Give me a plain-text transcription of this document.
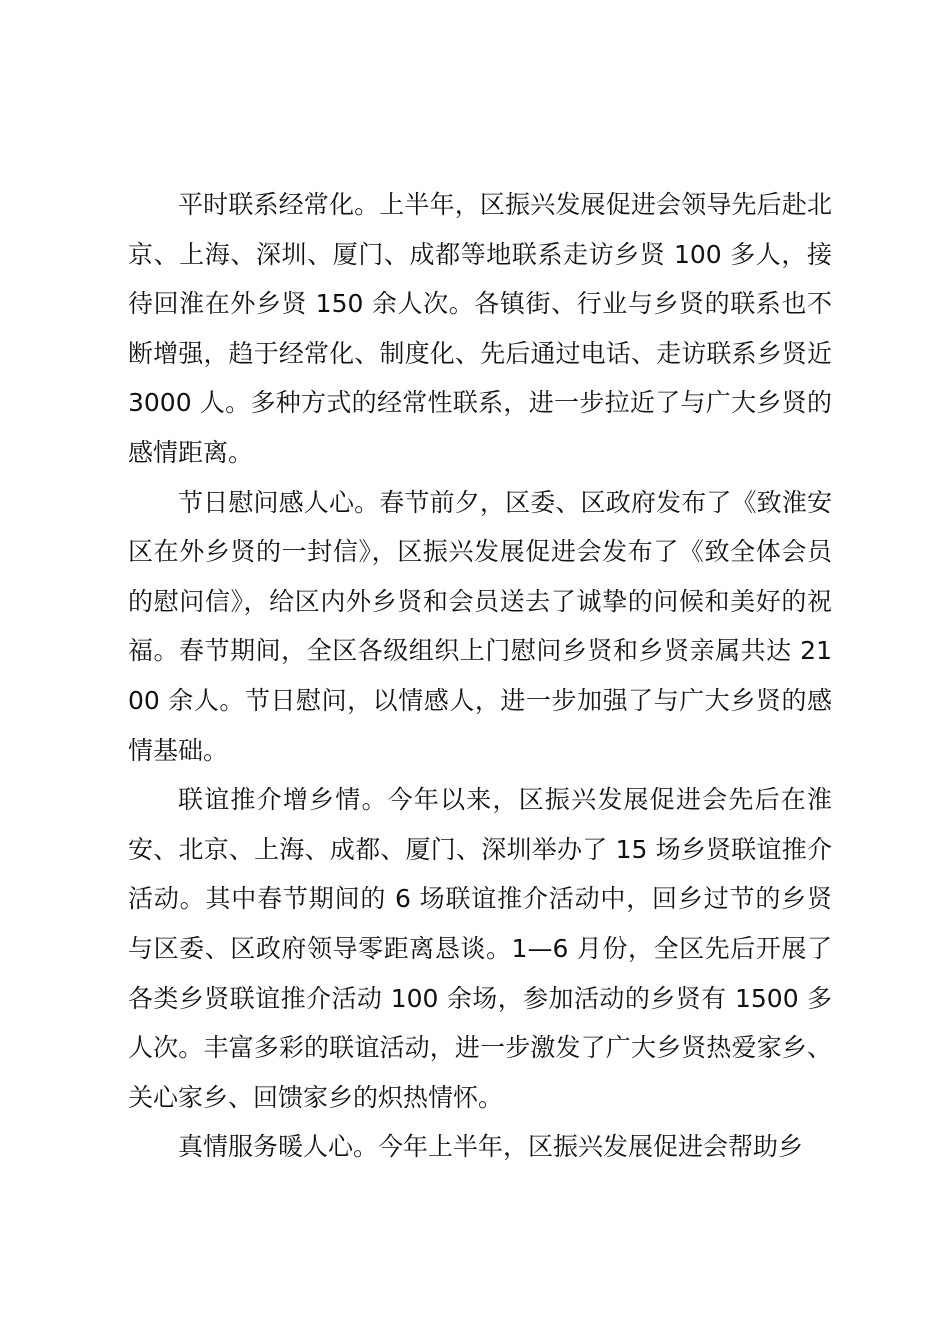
平时联系经常化。上半年，区振兴发展促进会领导先后赴北京、上海、深圳、厦门、成都等地联系走访乡贤 100 多人，接待回淮在外乡贤 150 余人次。各镇街、行业与乡贤的联系也不断增强，趋于经常化、制度化、先后通过电话、走访联系乡贤近 3000 人。多种方式的经常性联系，进一步拉近了与广大乡贤的感情距离。

节日慰问感人心。春节前夕，区委、区政府发布了《致淮安区在外乡贤的一封信》，区振兴发展促进会发布了《致全体会员的慰问信》，给区内外乡贤和会员送去了诚挚的问候和美好的祝福。春节期间，全区各级组织上门慰问乡贤和乡贤亲属共达 2100 余人。节日慰问，以情感人，进一步加强了与广大乡贤的感情基础。

联谊推介增乡情。今年以来，区振兴发展促进会先后在淮安、北京、上海、成都、厦门、深圳举办了 15 场乡贤联谊推介活动。其中春节期间的 6 场联谊推介活动中，回乡过节的乡贤与区委、区政府领导零距离恳谈。1—6 月份，全区先后开展了各类乡贤联谊推介活动 100 余场，参加活动的乡贤有 1500 多人次。丰富多彩的联谊活动，进一步激发了广大乡贤热爱家乡、关心家乡、回馈家乡的炽热情怀。

真情服务暖人心。今年上半年，区振兴发展促进会帮助乡
